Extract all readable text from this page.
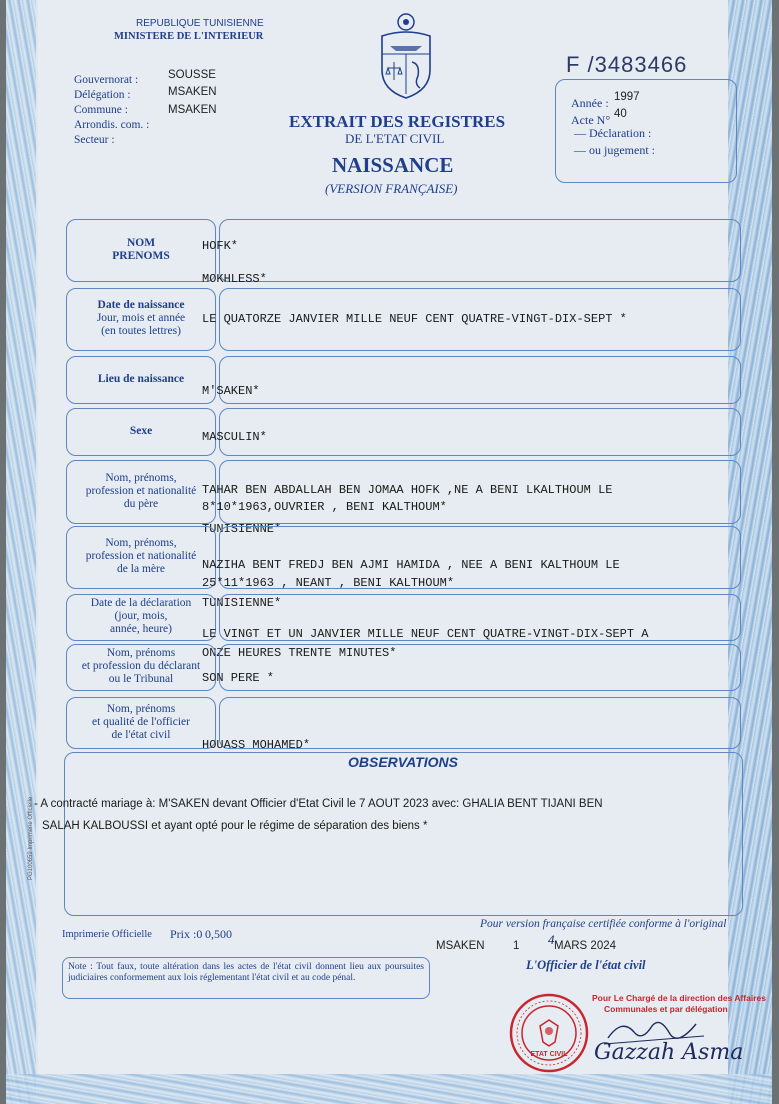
REPUBLIQUE TUNISIENNE
MINISTERE DE L'INTERIEUR
Gouvernorat :	SOUSSE
Délégation :	MSAKEN
Commune :	MSAKEN
Arrondis. com. :
Secteur :
EXTRAIT DES REGISTRES
DE L'ETAT CIVIL
NAISSANCE
(VERSION FRANÇAISE)
F /3483466
Année : 1997
Acte N° 40
— Déclaration :
— ou jugement :
NOM
PRENOMS
HOFK*
MOKHLESS*
Date de naissance
Jour, mois et année
(en toutes lettres)
LE QUATORZE JANVIER MILLE NEUF CENT QUATRE-VINGT-DIX-SEPT *
Lieu de naissance
M'SAKEN*
Sexe	MASCULIN*
Nom, prénoms,
profession et nationalité
du père
TAHAR BEN ABDALLAH BEN JOMAA HOFK ,NE A BENI LKALTHOUM LE
8*10*1963,OUVRIER , BENI KALTHOUM*
TUNISIENNE*
Nom, prénoms,
profession et nationalité
de la mère	NAZIHA BENT FREDJ BEN AJMI HAMIDA , NEE A BENI KALTHOUM LE
25*11*1963 , NEANT , BENI KALTHOUM*
TUNISIENNE*
Date de la déclaration
(jour, mois,
année, heure)	LE VINGT ET UN JANVIER MILLE NEUF CENT QUATRE-VINGT-DIX-SEPT A
ONZE HEURES TRENTE MINUTES*
Nom, prénoms
et profession du déclarant
ou le Tribunal	SON PERE *
Nom, prénoms
et qualité de l'officier
de l'état civil
HOUASS MOHAMED*
OBSERVATIONS
- A contracté mariage à: M'SAKEN devant Officier d'Etat Civil le 7 AOUT 2023 avec: GHALIA BENT TIJANI BEN
SALAH KALBOUSSI et ayant opté pour le régime de séparation des biens *
PG100659 Imprimerie Officielle
Imprimerie Officielle Prix :0 0,500
Pour version française certifiée conforme à l'original
MSAKEN 1 4 MARS 2024
L'Officier de l'état civil
Note : Tout faux, toute altération dans les actes de l'état civil donnent lieu aux poursuites judiciaires conformement aux lois réglementant l'état civil et au code pénal.
ETAT CIVIL
Pour Le Chargé de la direction des Affaires
Communales et par délégation
Gazzah Asma
